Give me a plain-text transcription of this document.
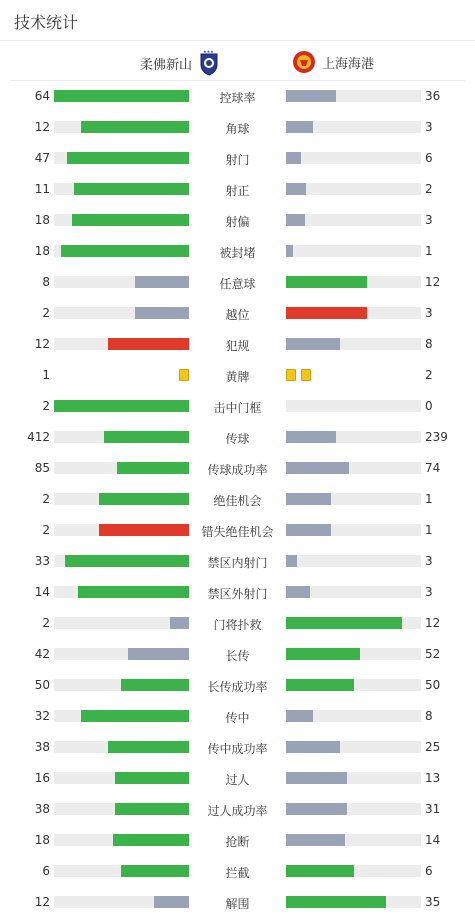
技术统计
柔佛新山
★★★
上海海港
64	控球率	36
12	角球	3
47	射门	6
11	射正	2
18	射偏	3
18	被封堵	1
8	任意球	12
2	越位	3
12	犯规	8
1	黄牌	2
2	击中门框	0
412	传球	239
85	传球成功率	74
2	绝佳机会	1
2	错失绝佳机会	1
33	禁区内射门	3
14	禁区外射门	3
2	门将扑救	12
42	长传	52
50	长传成功率	50
32	传中	8
38	传中成功率	25
16	过人	13
38	过人成功率	31
18	抢断	14
6	拦截	6
12	解围	35
